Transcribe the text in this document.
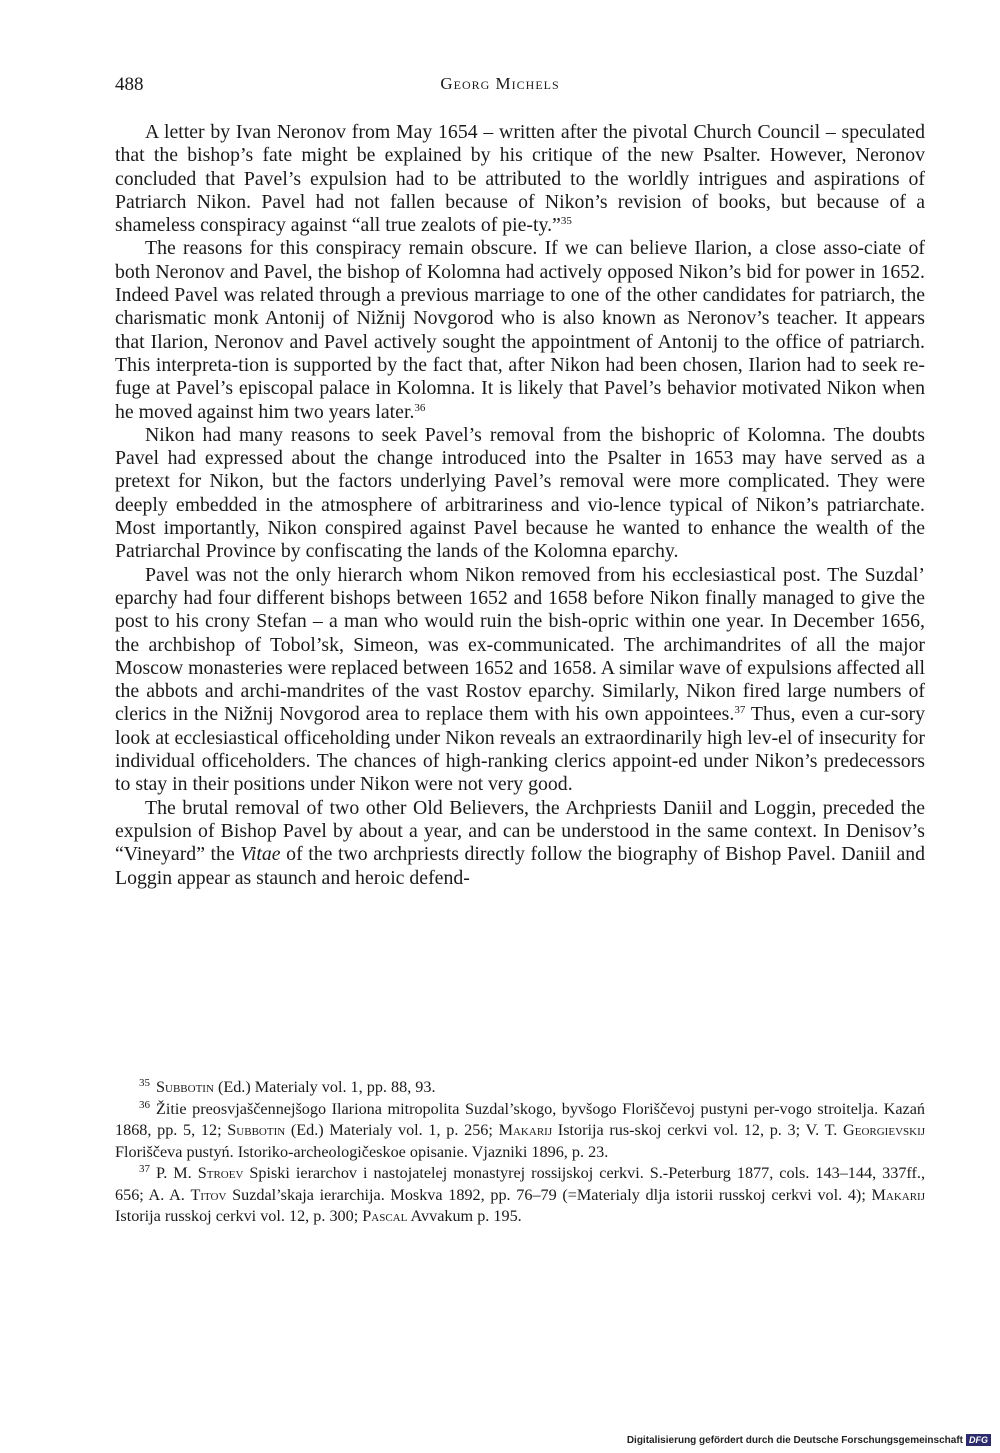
488	Georg Michels

A letter by Ivan Neronov from May 1654 – written after the pivotal Church Council – speculated that the bishop’s fate might be explained by his critique of the new Psalter. However, Neronov concluded that Pavel’s expulsion had to be attributed to the worldly intrigues and aspirations of Patriarch Nikon. Pavel had not fallen because of Nikon’s revision of books, but because of a shameless conspiracy against “all true zealots of pie-ty.”$^{35}$

The reasons for this conspiracy remain obscure. If we can believe Ilarion, a close asso-ciate of both Neronov and Pavel, the bishop of Kolomna had actively opposed Nikon’s bid for power in 1652. Indeed Pavel was related through a previous marriage to one of the other candidates for patriarch, the charismatic monk Antonij of Nižnij Novgorod who is also known as Neronov’s teacher. It appears that Ilarion, Neronov and Pavel actively sought the appointment of Antonij to the office of patriarch. This interpreta-tion is supported by the fact that, after Nikon had been chosen, Ilarion had to seek re-fuge at Pavel’s episcopal palace in Kolomna. It is likely that Pavel’s behavior motivated Nikon when he moved against him two years later.$^{36}$

Nikon had many reasons to seek Pavel’s removal from the bishopric of Kolomna. The doubts Pavel had expressed about the change introduced into the Psalter in 1653 may have served as a pretext for Nikon, but the factors underlying Pavel’s removal were more complicated. They were deeply embedded in the atmosphere of arbitrariness and vio-lence typical of Nikon’s patriarchate. Most importantly, Nikon conspired against Pavel because he wanted to enhance the wealth of the Patriarchal Province by confiscating the lands of the Kolomna eparchy.

Pavel was not the only hierarch whom Nikon removed from his ecclesiastical post. The Suzdal’ eparchy had four different bishops between 1652 and 1658 before Nikon finally managed to give the post to his crony Stefan – a man who would ruin the bish-opric within one year. In December 1656, the archbishop of Tobol’sk, Simeon, was ex-communicated. The archimandrites of all the major Moscow monasteries were replaced between 1652 and 1658. A similar wave of expulsions affected all the abbots and archi-mandrites of the vast Rostov eparchy. Similarly, Nikon fired large numbers of clerics in the Nižnij Novgorod area to replace them with his own appointees.$^{37}$ Thus, even a cur-sory look at ecclesiastical officeholding under Nikon reveals an extraordinarily high lev-el of insecurity for individual officeholders. The chances of high-ranking clerics appoint-ed under Nikon’s predecessors to stay in their positions under Nikon were not very good.

The brutal removal of two other Old Believers, the Archpriests Daniil and Loggin, preceded the expulsion of Bishop Pavel by about a year, and can be understood in the same context. In Denisov’s “Vineyard” the Vitae of the two archpriests directly follow the biography of Bishop Pavel. Daniil and Loggin appear as staunch and heroic defend-

$^{35}$ Subbotin (Ed.) Materialy vol. 1, pp. 88, 93.

$^{36}$ Žitie preosvjaščennejšogo Ilariona mitropolita Suzdal’skogo, byvšogo Floriščevoj pustyni per-vogo stroitelja. Kazań 1868, pp. 5, 12; Subbotin (Ed.) Materialy vol. 1, p. 256; Makarij Istorija rus-skoj cerkvi vol. 12, p. 3; V. T. Georgievskij Floriščeva pustyń. Istoriko-archeologičeskoe opisanie. Vjazniki 1896, p. 23.

$^{37}$ P. M. Stroev Spiski ierarchov i nastojatelej monastyrej rossijskoj cerkvi. S.-Peterburg 1877, cols. 143–144, 337ff., 656; A. A. Titov Suzdal’skaja ierarchija. Moskva 1892, pp. 76–79 (=Materialy dlja istorii russkoj cerkvi vol. 4); Makarij Istorija russkoj cerkvi vol. 12, p. 300; Pascal Avvakum p. 195.

Digitalisierung gefördert durch die Deutsche Forschungsgemeinschaft DFG
